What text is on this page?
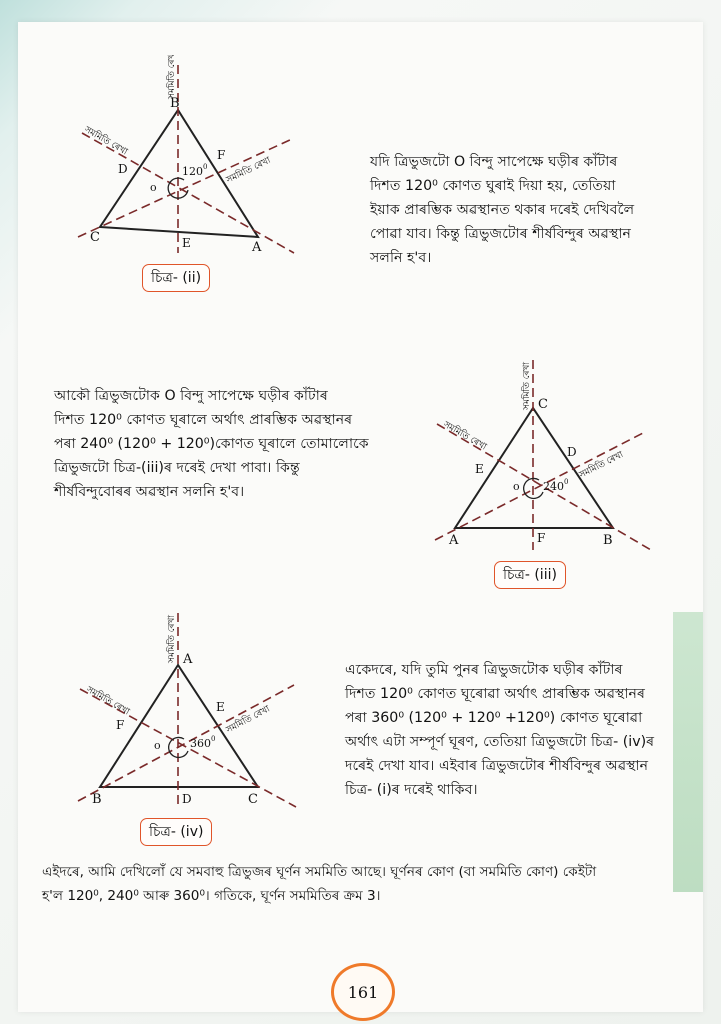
B
C
A
D
F
E
o
120 0
সমমিতি ৰেখা
সমমিতি ৰেখা
সমমিতি ৰেখা
চিত্ৰ- (ii)
যদি ত্ৰিভুজটো O বিন্দু সাপেক্ষে ঘড়ীৰ কাঁটাৰ
দিশত 120⁰ কোণত ঘুৰাই দিয়া হয়, তেতিয়া
ইয়াক প্ৰাৰম্ভিক অৱস্থানত থকাৰ দৰেই দেখিবলৈ
পোৱা যাব। কিন্তু ত্ৰিভুজটোৰ শীৰ্ষবিন্দুৰ অৱস্থান
সলনি হ'ব।
আকৌ ত্ৰিভুজটোক O বিন্দু সাপেক্ষে ঘড়ীৰ কাঁটাৰ
দিশত 120⁰ কোণত ঘূৰালে অৰ্থাৎ প্ৰাৰম্ভিক অৱস্থানৰ
পৰা 240⁰ (120⁰ + 120⁰)কোণত ঘূৰালে তোমালোকে
ত্ৰিভুজটো চিত্ৰ-(iii)ৰ দৰেই দেখা পাবা। কিন্তু
শীৰ্ষবিন্দুবোৰৰ অৱস্থান সলনি হ'ব।
C
A	B
E
D
F
o 240 0
সমমিতি ৰেখা
সমমিতি ৰেখা
সমমিতি ৰেখা
চিত্ৰ- (iii)
A
B	C
F
E
D
o	360 0
সমমিতি ৰেখা
সমমিতি ৰেখা
সমমিতি ৰেখা
চিত্ৰ- (iv)
একেদৰে, যদি তুমি পুনৰ ত্ৰিভুজটোক ঘড়ীৰ কাঁটাৰ
দিশত 120⁰ কোণত ঘূৰোৱা অৰ্থাৎ প্ৰাৰম্ভিক অৱস্থানৰ
পৰা 360⁰ (120⁰ + 120⁰ +120⁰) কোণত ঘূৰোৱা
অৰ্থাৎ এটা সম্পূৰ্ণ ঘূৰণ, তেতিয়া ত্ৰিভুজটো চিত্ৰ- (iv)ৰ
দৰেই দেখা যাব। এইবাৰ ত্ৰিভুজটোৰ শীৰ্ষবিন্দুৰ অৱস্থান
চিত্ৰ- (i)ৰ দৰেই থাকিব।
এইদৰে, আমি দেখিলোঁ যে সমবাহু ত্ৰিভুজৰ ঘূৰ্ণন সমমিতি আছে। ঘূৰ্ণনৰ কোণ (বা সমমিতি কোণ) কেইটা
হ'ল 120⁰, 240⁰ আৰু 360⁰। গতিকে, ঘূৰ্ণন সমমিতিৰ ক্ৰম 3।
161
